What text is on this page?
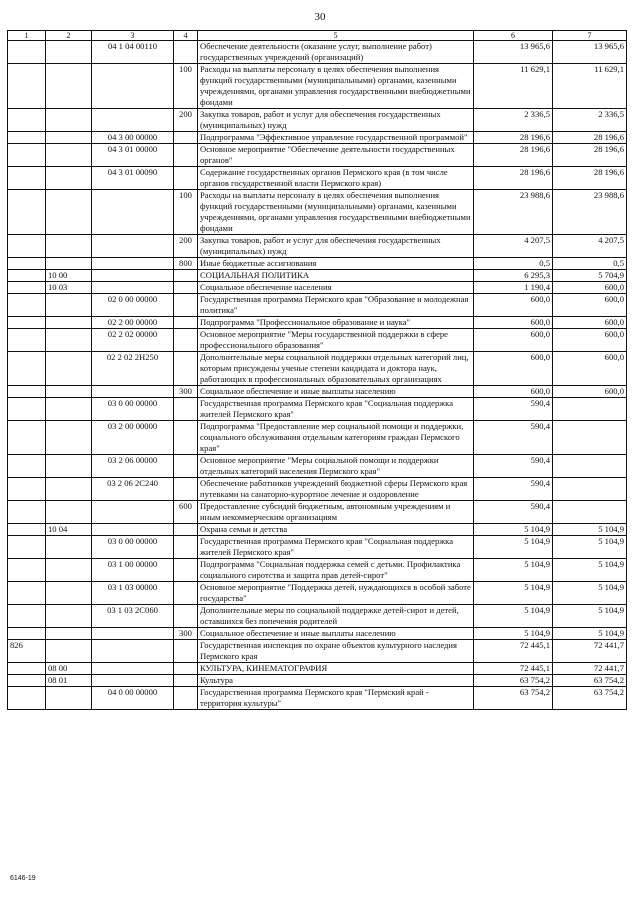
30
1	2	3	4	5	6	7
		04 1 04 00110		Обеспечение деятельности (оказание услуг, выполнение работ) государственных учреждений (организаций)	13 965,6	13 965,6
			100	Расходы на выплаты персоналу в целях обеспечения выполнения функций государственными (муниципальными) органами, казенными учреждениями, органами управления государственными внебюджетными фондами	11 629,1	11 629,1
			200	Закупка товаров, работ и услуг для обеспечения государственных (муниципальных) нужд	2 336,5	2 336,5
		04 3 00 00000		Подпрограмма "Эффективное управление государственной программой"	28 196,6	28 196,6
		04 3 01 00000		Основное мероприятие "Обеспечение деятельности государственных органов"	28 196,6	28 196,6
		04 3 01 00090		Содержание государственных органов Пермского края (в том числе органов государственной власти Пермского края)	28 196,6	28 196,6
			100	Расходы на выплаты персоналу в целях обеспечения выполнения функций государственными (муниципальными) органами, казенными учреждениями, органами управления государственными внебюджетными фондами	23 988,6	23 988,6
			200	Закупка товаров, работ и услуг для обеспечения государственных (муниципальных) нужд	4 207,5	4 207,5
			800	Иные бюджетные ассигнования	0,5	0,5
	10 00			СОЦИАЛЬНАЯ ПОЛИТИКА	6 295,3	5 704,9
	10 03			Социальное обеспечение населения	1 190,4	600,0
		02 0 00 00000		Государственная программа Пермского края "Образование и молодежная политика"	600,0	600,0
		02 2 00 00000		Подпрограмма "Профессиональное образование и наука"	600,0	600,0
		02 2 02 00000		Основное мероприятие "Меры государственной поддержки в сфере профессионального образования"	600,0	600,0
		02 2 02 2Н250		Дополнительные меры социальной поддержки отдельных категорий лиц, которым присуждены ученые степени кандидата и доктора наук, работающих в профессиональных образовательных организациях	600,0	600,0
			300	Социальное обеспечение и иные выплаты населению	600,0	600,0
		03 0 00 00000		Государственная программа Пермского края "Социальная поддержка жителей Пермского края"	590,4	
		03 2 00 00000		Подпрограмма "Предоставление мер социальной помощи и поддержки, социального обслуживания отдельным категориям граждан Пермского края"	590,4	
		03 2 06 00000		Основное мероприятие "Меры социальной помощи и поддержки отдельных категорий населения Пермского края"	590,4	
		03 2 06 2С240		Обеспечение работников учреждений бюджетной сферы Пермского края путевками на санаторно-курортное лечение и оздоровление	590,4	
			600	Предоставление субсидий бюджетным, автономным учреждениям и иным некоммерческим организациям	590,4	
	10 04			Охрана семьи и детства	5 104,9	5 104,9
		03 0 00 00000		Государственная программа Пермского края "Социальная поддержка жителей Пермского края"	5 104,9	5 104,9
		03 1 00 00000		Подпрограмма "Социальная поддержка семей с детьми. Профилактика социального сиротства и защита прав детей-сирот"	5 104,9	5 104,9
		03 1 03 00000		Основное мероприятие "Поддержка детей, нуждающихся в особой заботе государства"	5 104,9	5 104,9
		03 1 03 2С060		Дополнительные меры по социальной поддержке детей-сирот и детей, оставшихся без попечения родителей	5 104,9	5 104,9
			300	Социальное обеспечение и иные выплаты населению	5 104,9	5 104,9
826				Государственная инспекция по охране объектов культурного наследия Пермского края	72 445,1	72 441,7
	08 00			КУЛЬТУРА, КИНЕМАТОГРАФИЯ	72 445,1	72 441,7
	08 01			Культура	63 754,2	63 754,2
		04 0 00 00000		Государственная программа Пермского края "Пермский край - территория культуры"	63 754,2	63 754,2
6146-19
